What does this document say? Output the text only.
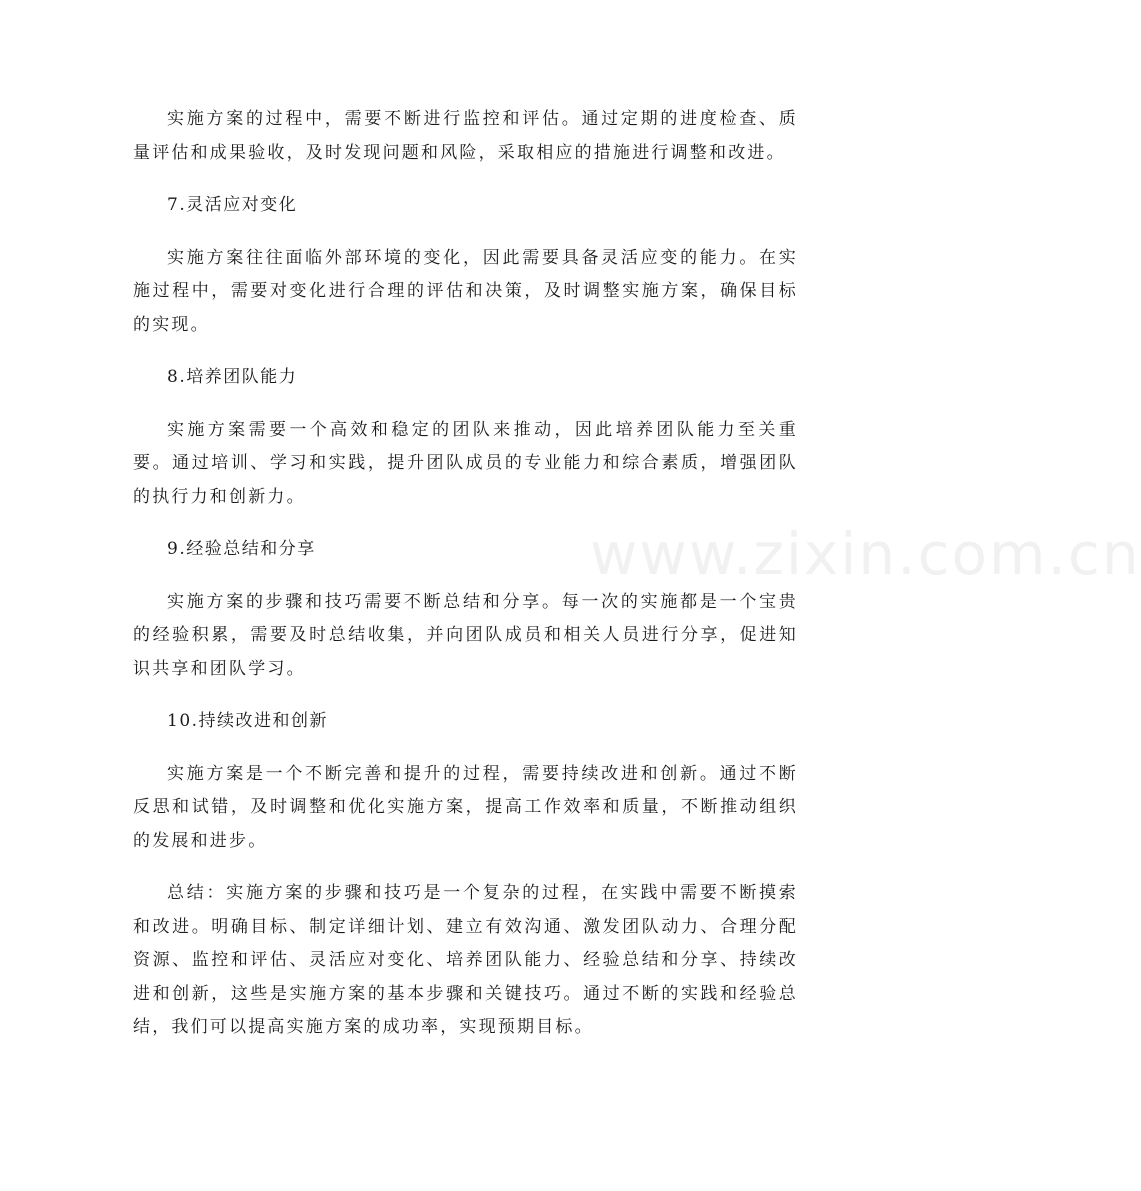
实施方案的过程中，需要不断进行监控和评估。通过定期的进度检查、质量评估和成果验收，及时发现问题和风险，采取相应的措施进行调整和改进。

7.灵活应对变化

实施方案往往面临外部环境的变化，因此需要具备灵活应变的能力。在实施过程中，需要对变化进行合理的评估和决策，及时调整实施方案，确保目标的实现。

8.培养团队能力

实施方案需要一个高效和稳定的团队来推动，因此培养团队能力至关重要。通过培训、学习和实践，提升团队成员的专业能力和综合素质，增强团队的执行力和创新力。

9.经验总结和分享

实施方案的步骤和技巧需要不断总结和分享。每一次的实施都是一个宝贵的经验积累，需要及时总结收集，并向团队成员和相关人员进行分享，促进知识共享和团队学习。

10.持续改进和创新

实施方案是一个不断完善和提升的过程，需要持续改进和创新。通过不断反思和试错，及时调整和优化实施方案，提高工作效率和质量，不断推动组织的发展和进步。

总结：实施方案的步骤和技巧是一个复杂的过程，在实践中需要不断摸索和改进。明确目标、制定详细计划、建立有效沟通、激发团队动力、合理分配资源、监控和评估、灵活应对变化、培养团队能力、经验总结和分享、持续改进和创新，这些是实施方案的基本步骤和关键技巧。通过不断的实践和经验总结，我们可以提高实施方案的成功率，实现预期目标。

www.zixin.com.cn
